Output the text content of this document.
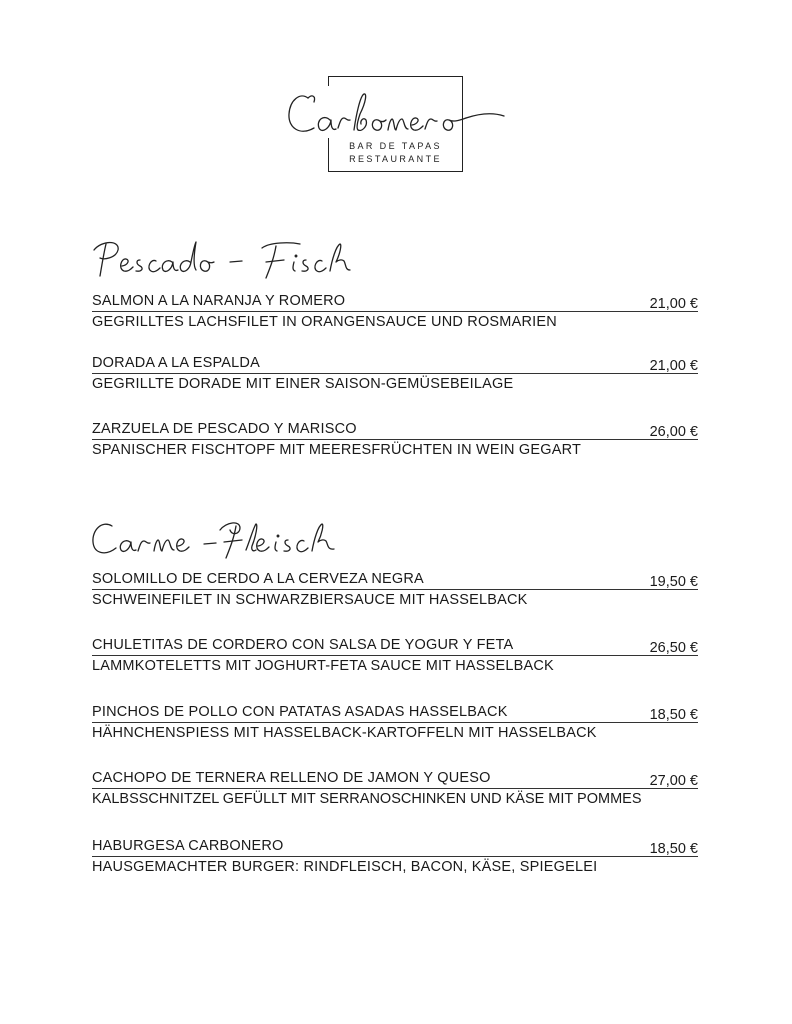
BAR DE TAPAS
RESTAURANTE
SALMON A LA NARANJA Y ROMERO	21,00 €
GEGRILLTES LACHSFILET IN ORANGENSAUCE UND ROSMARIEN
DORADA A LA ESPALDA	21,00 €
GEGRILLTE DORADE MIT EINER SAISON-GEMÜSEBEILAGE
ZARZUELA DE PESCADO Y MARISCO	26,00 €
SPANISCHER FISCHTOPF MIT MEERESFRÜCHTEN IN WEIN GEGART
SOLOMILLO DE CERDO A LA CERVEZA NEGRA	19,50 €
SCHWEINEFILET IN SCHWARZBIERSAUCE MIT HASSELBACK
CHULETITAS DE CORDERO CON SALSA DE YOGUR Y FETA	26,50 €
LAMMKOTELETTS MIT JOGHURT-FETA SAUCE MIT HASSELBACK
PINCHOS DE POLLO CON PATATAS ASADAS HASSELBACK	18,50 €
HÄHNCHENSPIESS MIT HASSELBACK-KARTOFFELN MIT HASSELBACK
CACHOPO DE TERNERA RELLENO DE JAMON Y QUESO	27,00 €
KALBSSCHNITZEL GEFÜLLT MIT SERRANOSCHINKEN UND KÄSE MIT POMMES
HABURGESA CARBONERO	18,50 €
HAUSGEMACHTER BURGER: RINDFLEISCH, BACON, KÄSE, SPIEGELEI
